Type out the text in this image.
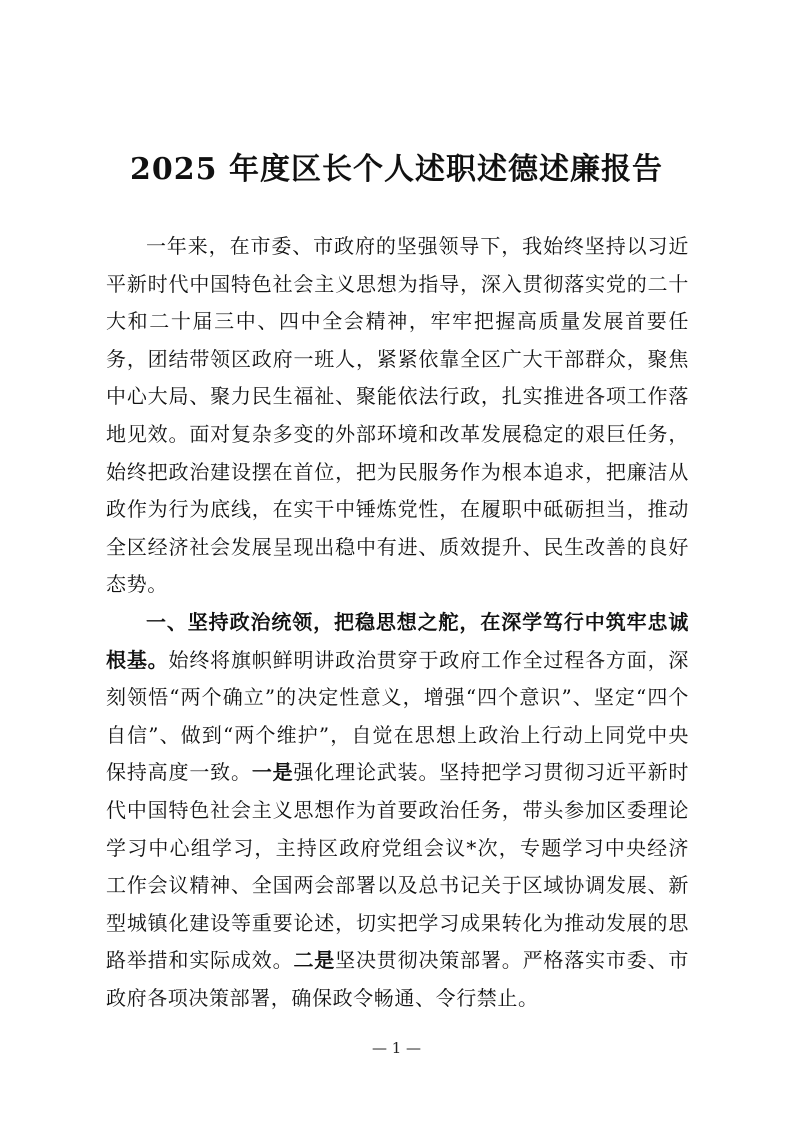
2025 年度区长个人述职述德述廉报告

一年来，在市委、市政府的坚强领导下，我始终坚持以习近平新时代中国特色社会主义思想为指导，深入贯彻落实党的二十大和二十届三中、四中全会精神，牢牢把握高质量发展首要任务，团结带领区政府一班人，紧紧依靠全区广大干部群众，聚焦中心大局、聚力民生福祉、聚能依法行政，扎实推进各项工作落地见效。面对复杂多变的外部环境和改革发展稳定的艰巨任务，始终把政治建设摆在首位，把为民服务作为根本追求，把廉洁从政作为行为底线，在实干中锤炼党性，在履职中砥砺担当，推动全区经济社会发展呈现出稳中有进、质效提升、民生改善的良好态势。

一、坚持政治统领，把稳思想之舵，在深学笃行中筑牢忠诚根基。始终将旗帜鲜明讲政治贯穿于政府工作全过程各方面，深刻领悟“两个确立”的决定性意义，增强“四个意识”、坚定“四个自信”、做到“两个维护”，自觉在思想上政治上行动上同党中央保持高度一致。一是强化理论武装。坚持把学习贯彻习近平新时代中国特色社会主义思想作为首要政治任务，带头参加区委理论学习中心组学习，主持区政府党组会议*次，专题学习中央经济工作会议精神、全国两会部署以及总书记关于区域协调发展、新型城镇化建设等重要论述，切实把学习成果转化为推动发展的思路举措和实际成效。二是坚决贯彻决策部署。严格落实市委、市政府各项决策部署，确保政令畅通、令行禁止。

— 1 —
